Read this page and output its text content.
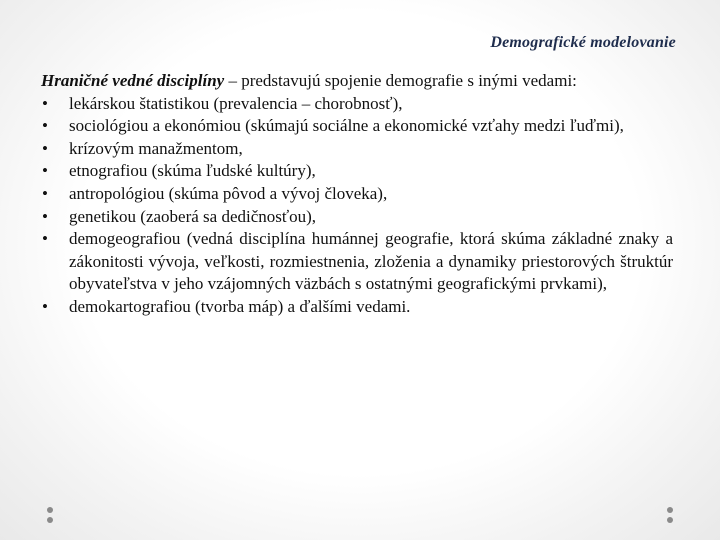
Demografické modelovanie

Hraničné vedné disciplíny – predstavujú spojenie demografie s inými vedami:

• lekárskou štatistikou (prevalencia – chorobnosť),
• sociológiou a ekonómiou (skúmajú sociálne a ekonomické vzťahy medzi ľuďmi),
• krízovým manažmentom,
• etnografiou (skúma ľudské kultúry),
• antropológiou (skúma pôvod a vývoj človeka),
• genetikou (zaoberá sa dedičnosťou),
• demogeografiou (vedná disciplína humánnej geografie, ktorá skúma základné znaky a zákonitosti vývoja, veľkosti, rozmiestnenia, zloženia a dynamiky priestorových štruktúr obyvateľstva v jeho vzájomných väzbách s ostatnými geografickými prvkami),
• demokartografiou (tvorba máp) a ďalšími vedami.
